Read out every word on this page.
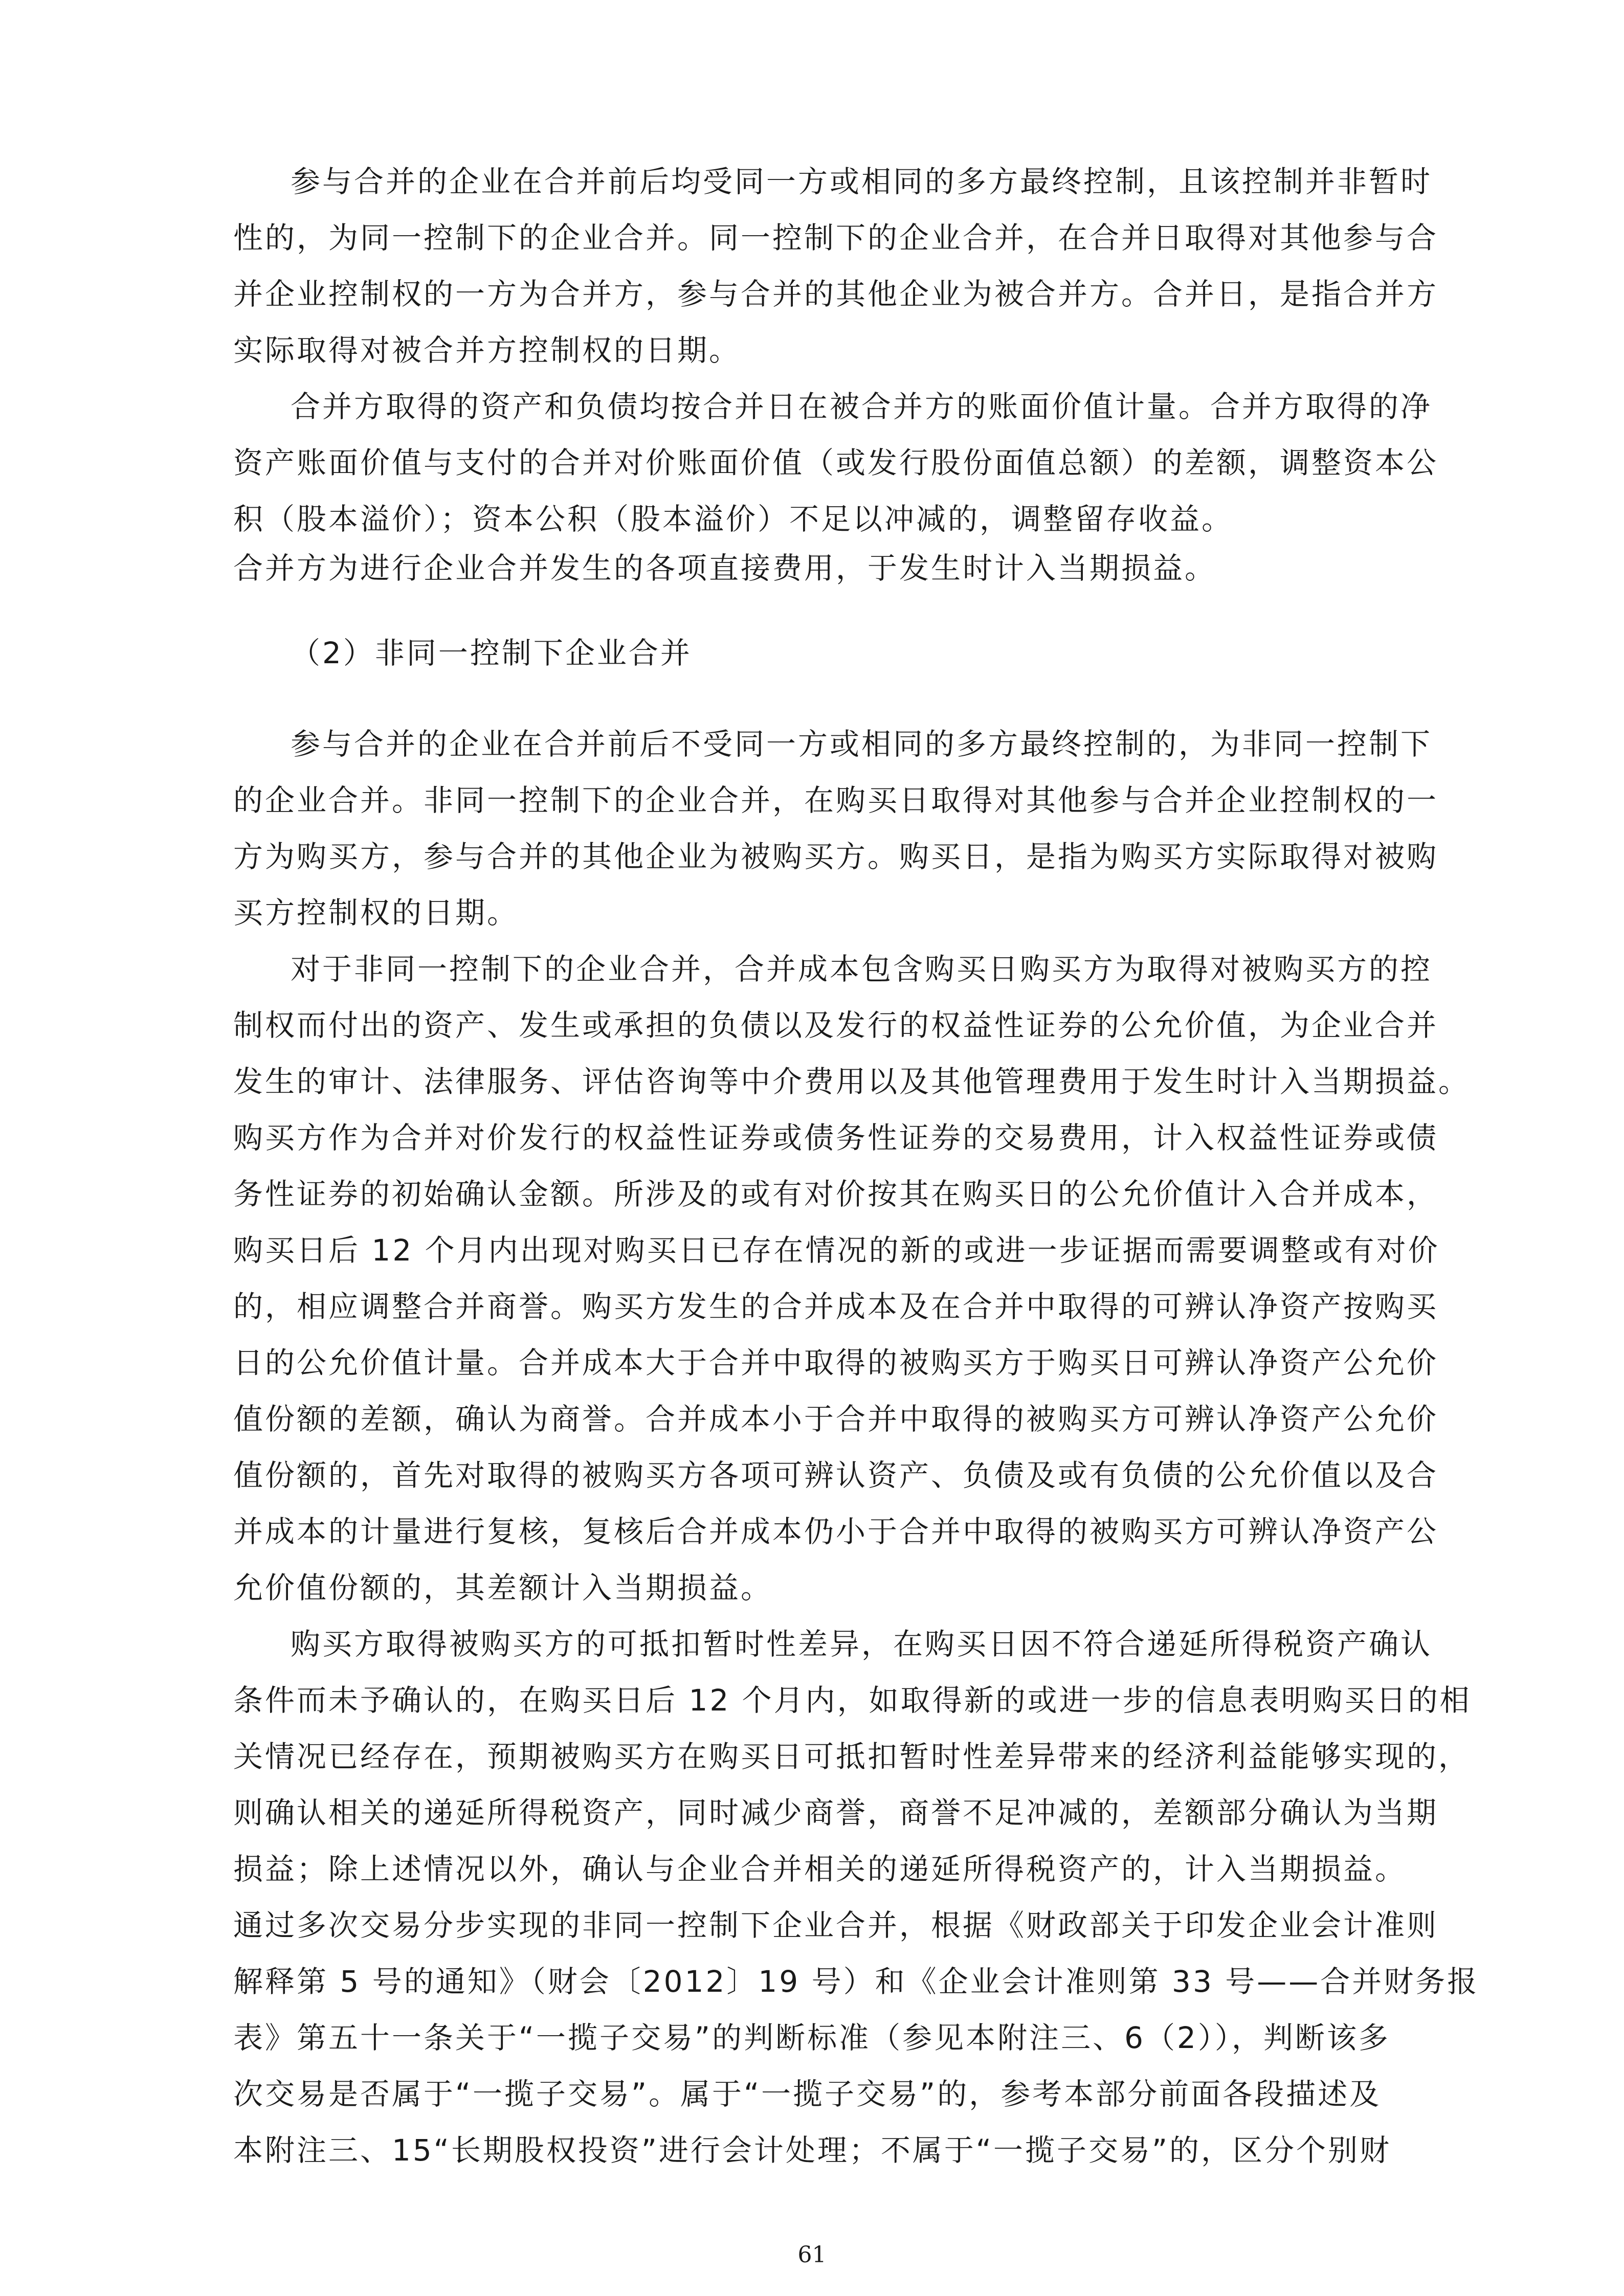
参与合并的企业在合并前后均受同一方或相同的多方最终控制，且该控制并非暂时
性的，为同一控制下的企业合并。同一控制下的企业合并，在合并日取得对其他参与合
并企业控制权的一方为合并方，参与合并的其他企业为被合并方。合并日，是指合并方
实际取得对被合并方控制权的日期。
合并方取得的资产和负债均按合并日在被合并方的账面价值计量。合并方取得的净
资产账面价值与支付的合并对价账面价值（或发行股份面值总额）的差额，调整资本公
积（股本溢价）；资本公积（股本溢价）不足以冲减的，调整留存收益。
合并方为进行企业合并发生的各项直接费用，于发生时计入当期损益。
（2）非同一控制下企业合并
参与合并的企业在合并前后不受同一方或相同的多方最终控制的，为非同一控制下
的企业合并。非同一控制下的企业合并，在购买日取得对其他参与合并企业控制权的一
方为购买方，参与合并的其他企业为被购买方。购买日，是指为购买方实际取得对被购
买方控制权的日期。
对于非同一控制下的企业合并，合并成本包含购买日购买方为取得对被购买方的控
制权而付出的资产、发生或承担的负债以及发行的权益性证券的公允价值，为企业合并
发生的审计、法律服务、评估咨询等中介费用以及其他管理费用于发生时计入当期损益。
购买方作为合并对价发行的权益性证券或债务性证券的交易费用，计入权益性证券或债
务性证券的初始确认金额。所涉及的或有对价按其在购买日的公允价值计入合并成本，
购买日后 12 个月内出现对购买日已存在情况的新的或进一步证据而需要调整或有对价
的，相应调整合并商誉。购买方发生的合并成本及在合并中取得的可辨认净资产按购买
日的公允价值计量。合并成本大于合并中取得的被购买方于购买日可辨认净资产公允价
值份额的差额，确认为商誉。合并成本小于合并中取得的被购买方可辨认净资产公允价
值份额的，首先对取得的被购买方各项可辨认资产、负债及或有负债的公允价值以及合
并成本的计量进行复核，复核后合并成本仍小于合并中取得的被购买方可辨认净资产公
允价值份额的，其差额计入当期损益。
购买方取得被购买方的可抵扣暂时性差异，在购买日因不符合递延所得税资产确认
条件而未予确认的，在购买日后 12 个月内，如取得新的或进一步的信息表明购买日的相
关情况已经存在，预期被购买方在购买日可抵扣暂时性差异带来的经济利益能够实现的，
则确认相关的递延所得税资产，同时减少商誉，商誉不足冲减的，差额部分确认为当期
损益；除上述情况以外，确认与企业合并相关的递延所得税资产的，计入当期损益。
通过多次交易分步实现的非同一控制下企业合并，根据《财政部关于印发企业会计准则
解释第 5 号的通知》（财会〔2012〕19 号）和《企业会计准则第 33 号——合并财务报
表》第五十一条关于“一揽子交易”的判断标准（参见本附注三、6（2）），判断该多
次交易是否属于“一揽子交易”。属于“一揽子交易”的，参考本部分前面各段描述及
本附注三、15“长期股权投资”进行会计处理；不属于“一揽子交易”的，区分个别财
61
